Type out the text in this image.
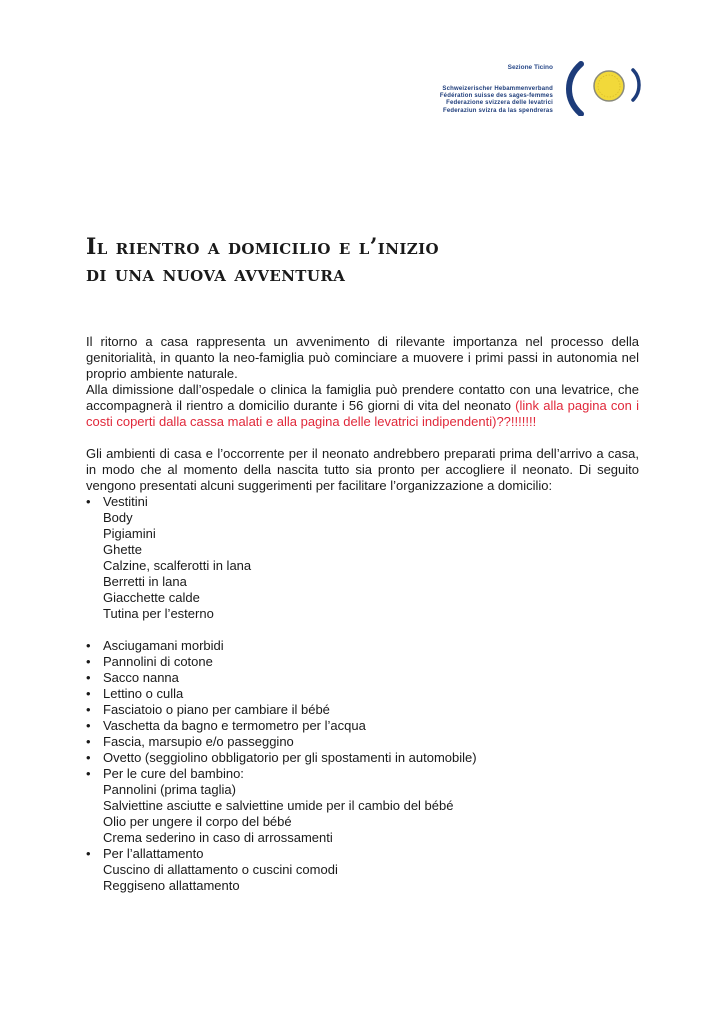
Sezione Ticino
Schweizerischer Hebammenverband
Fédération suisse des sages-femmes
Federazione svizzera delle levatrici
Federaziun svizra da las spendreras
Il rientro a domicilio e l’inizio
di una nuova avventura

Il ritorno a casa rappresenta un avvenimento di rilevante importanza nel processo della genitorialità, in quanto la neo-famiglia può cominciare a muovere i primi passi in autonomia nel proprio ambiente naturale.

Alla dimissione dall’ospedale o clinica la famiglia può prendere contatto con una levatrice, che accompagnerà il rientro a domicilio durante i 56 giorni di vita del neonato (link alla pagina con i costi coperti dalla cassa malati e alla pagina delle levatrici indipendenti)??!!!!!!!

Gli ambienti di casa e l’occorrente per il neonato andrebbero preparati prima dell’arrivo a casa, in modo che al momento della nascita tutto sia pronto per accogliere il neonato. Di seguito vengono presentati alcuni suggerimenti per facilitare l’organizzazione a domicilio:

• Vestitini
Body
Pigiamini
Ghette
Calzine, scalferotti in lana
Berretti in lana
Giacchette calde
Tutina per l’esterno
• Asciugamani morbidi
• Pannolini di cotone
• Sacco nanna
• Lettino o culla
• Fasciatoio o piano per cambiare il bébé
• Vaschetta da bagno e termometro per l’acqua
• Fascia, marsupio e/o passeggino
• Ovetto (seggiolino obbligatorio per gli spostamenti in automobile)
• Per le cure del bambino:
Pannolini (prima taglia)
Salviettine asciutte e salviettine umide per il cambio del bébé
Olio per ungere il corpo del bébé
Crema sederino in caso di arrossamenti
• Per l’allattamento
Cuscino di allattamento o cuscini comodi
Reggiseno allattamento
